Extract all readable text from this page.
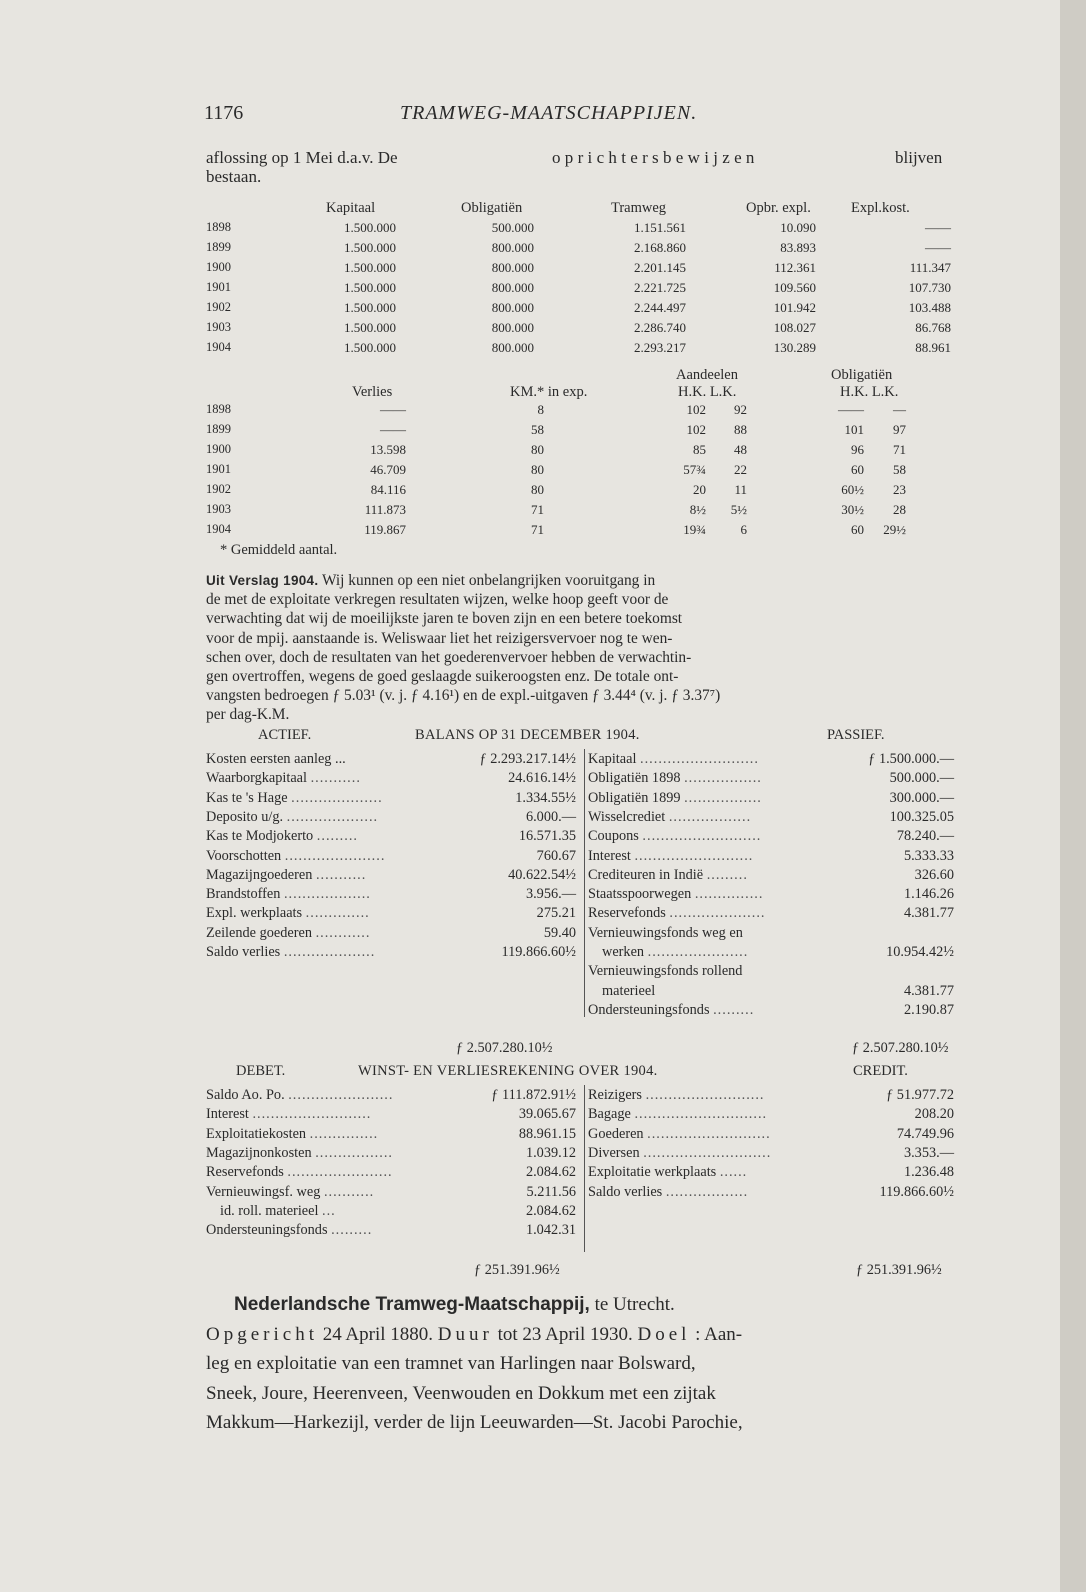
1176	TRAMWEG-MAATSCHAPPIJEN.
aflossing op 1 Mei d.a.v. De	oprichtersbewijzen	blijven
bestaan.
Kapitaal	Obligatiën	Tramweg	Opbr. expl.	Expl.kost.
1898	1.500.000	500.000	1.151.561	10.090	——
1899	1.500.000	800.000	2.168.860	83.893	——
1900	1.500.000	800.000	2.201.145	112.361	111.347
1901	1.500.000	800.000	2.221.725	109.560	107.730
1902	1.500.000	800.000	2.244.497	101.942	103.488
1903	1.500.000	800.000	2.286.740	108.027	86.768
1904	1.500.000	800.000	2.293.217	130.289	88.961
Aandeelen	Obligatiën
Verlies	KM.* in exp.	H.K. L.K.	H.K. L.K.
1898	——	8	102	92	——	—
1899	——	58	102	88	101	97
1900	13.598	80	85	48	96	71
1901	46.709	80	57¾	22	60	58
1902	84.116	80	20	11	60½	23
1903	111.873	71	8½	5½	30½	28
1904	119.867	71	19¾	6	60	29½
* Gemiddeld aantal.
Uit Verslag 1904. Wij kunnen op een niet onbelangrijken vooruitgang in
de met de exploitate verkregen resultaten wijzen, welke hoop geeft voor de
verwachting dat wij de moeilijkste jaren te boven zijn en een betere toekomst
voor de mpij. aanstaande is. Weliswaar liet het reizigersvervoer nog te wen-
schen over, doch de resultaten van het goederenvervoer hebben de verwachtin-
gen overtroffen, wegens de goed geslaagde suikeroogsten enz. De totale ont-
vangsten bedroegen ƒ 5.03¹ (v. j. ƒ 4.16¹) en de expl.-uitgaven ƒ 3.44⁴ (v. j. ƒ 3.37⁷)
per dag-K.M.
ACTIEF.	BALANS OP 31 DECEMBER 1904.	PASSIEF.
Kosten eersten aanleg ...	ƒ 2.293.217.14½
Waarborgkapitaal ...........	24.616.14½
Kas te 's Hage ....................	1.334.55½
Deposito u/g. ....................	6.000.—
Kas te Modjokerto .........	16.571.35
Voorschotten ......................	760.67
Magazijngoederen ...........	40.622.54½
Brandstoffen ...................	3.956.—
Expl. werkplaats ..............	275.21
Zeilende goederen ............	59.40
Saldo verlies ....................	119.866.60½
Kapitaal ..........................	ƒ 1.500.000.—
Obligatiën 1898 .................	500.000.—
Obligatiën 1899 .................	300.000.—
Wisselcrediet ..................	100.325.05
Coupons ..........................	78.240.—
Interest ..........................	5.333.33
Crediteuren in Indië .........	326.60
Staatsspoorwegen ...............	1.146.26
Reservefonds .....................	4.381.77
Vernieuwingsfonds weg en
werken ......................	10.954.42½
Vernieuwingsfonds rollend
materieel	4.381.77
Ondersteuningsfonds .........	2.190.87
ƒ 2.507.280.10½	ƒ 2.507.280.10½
DEBET.	WINST- EN VERLIESREKENING OVER 1904.	CREDIT.
Saldo Ao. Po. .......................	ƒ 111.872.91½
Interest ..........................	39.065.67
Exploitatiekosten ...............	88.961.15
Magazijnonkosten .................	1.039.12
Reservefonds .......................	2.084.62
Vernieuwingsf. weg ...........	5.211.56
id. roll. materieel ...	2.084.62
Ondersteuningsfonds .........	1.042.31
Reizigers ..........................	ƒ 51.977.72
Bagage .............................	208.20
Goederen ...........................	74.749.96
Diversen ............................	3.353.—
Exploitatie werkplaats ......	1.236.48
Saldo verlies ..................	119.866.60½
ƒ 251.391.96½	ƒ 251.391.96½
Nederlandsche Tramweg-Maatschappij, te Utrecht.
Opgericht 24 April 1880. Duur tot 23 April 1930. Doel : Aan-
leg en exploitatie van een tramnet van Harlingen naar Bolsward,
Sneek, Joure, Heerenveen, Veenwouden en Dokkum met een zijtak
Makkum—Harkezijl, verder de lijn Leeuwarden—St. Jacobi Parochie,
